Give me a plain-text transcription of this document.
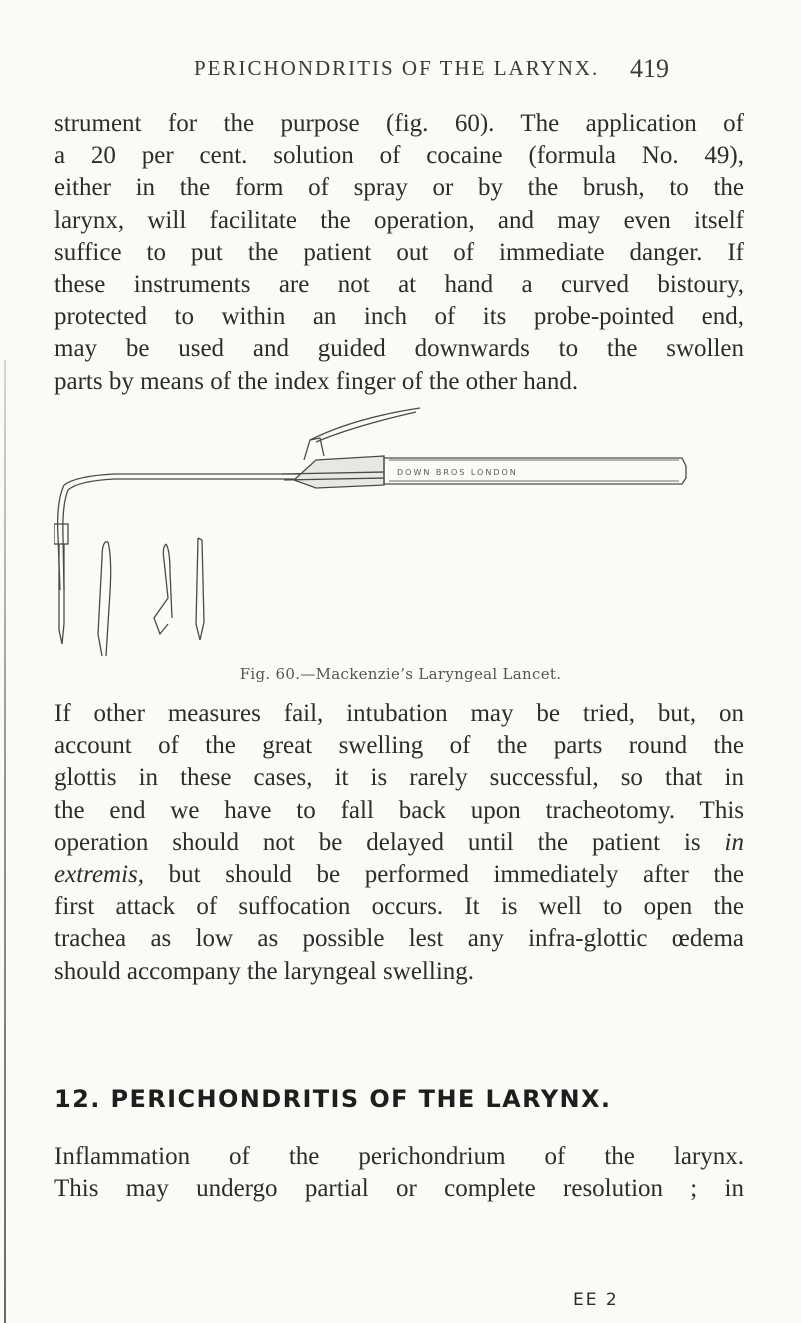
PERICHONDRITIS OF THE LARYNX. 419
strument for the purpose (fig. 60). The application of
a 20 per cent. solution of cocaine (formula No. 49),
either in the form of spray or by the brush, to the
larynx, will facilitate the operation, and may even itself
suffice to put the patient out of immediate danger. If
these instruments are not at hand a curved bistoury,
protected to within an inch of its probe-pointed end,
may be used and guided downwards to the swollen
parts by means of the index finger of the other hand.
DOWN BROS LONDON
Fig. 60.—Mackenzie’s Laryngeal Lancet.
If other measures fail, intubation may be tried, but, on
account of the great swelling of the parts round the
glottis in these cases, it is rarely successful, so that in
the end we have to fall back upon tracheotomy. This
operation should not be delayed until the patient is in
extremis, but should be performed immediately after the
first attack of suffocation occurs. It is well to open the
trachea as low as possible lest any infra-glottic œdema
should accompany the laryngeal swelling.
12. PERICHONDRITIS OF THE LARYNX.
Inflammation of the perichondrium of the larynx.
This may undergo partial or complete resolution ; in
EE 2
